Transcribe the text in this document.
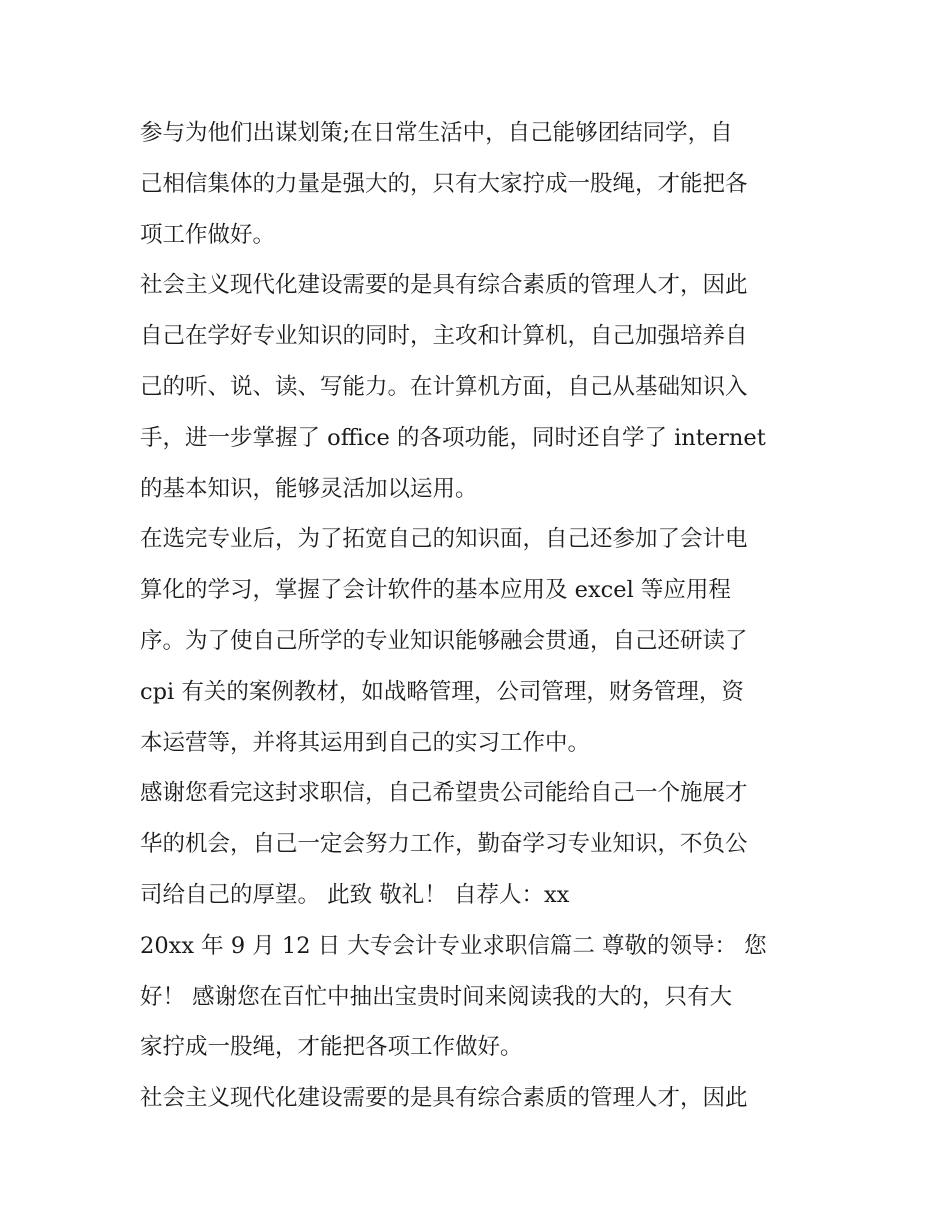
参与为他们出谋划策;在日常生活中，自己能够团结同学，自
己相信集体的力量是强大的，只有大家拧成一股绳，才能把各
项工作做好。
社会主义现代化建设需要的是具有综合素质的管理人才，因此
自己在学好专业知识的同时，主攻和计算机，自己加强培养自
己的听、说、读、写能力。在计算机方面，自己从基础知识入
手，进一步掌握了 office 的各项功能，同时还自学了 internet
的基本知识，能够灵活加以运用。
在选完专业后，为了拓宽自己的知识面，自己还参加了会计电
算化的学习，掌握了会计软件的基本应用及 excel 等应用程
序。为了使自己所学的专业知识能够融会贯通，自己还研读了
cpi 有关的案例教材，如战略管理，公司管理，财务管理，资
本运营等，并将其运用到自己的实习工作中。
感谢您看完这封求职信，自己希望贵公司能给自己一个施展才
华的机会，自己一定会努力工作，勤奋学习专业知识，不负公
司给自己的厚望。 此致 敬礼！ 自荐人：xx
20xx 年 9 月 12 日 大专会计专业求职信篇二 尊敬的领导： 您
好！ 感谢您在百忙中抽出宝贵时间来阅读我的大的，只有大
家拧成一股绳，才能把各项工作做好。
社会主义现代化建设需要的是具有综合素质的管理人才，因此
